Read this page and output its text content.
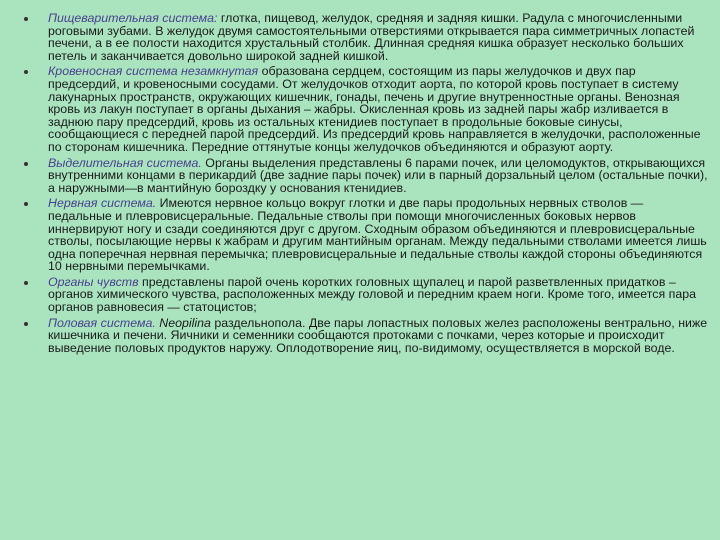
Пищеварительная система: глотка, пищевод, желудок, средняя и задняя кишки. Радула с многочисленными роговыми зубами. В желудок двумя самостоятельными отверстиями открывается пара симметричных лопастей печени, а в ее полости находится хрустальный столбик. Длинная средняя кишка образует несколько больших петель и заканчивается довольно широкой задней кишкой.
Кровеносная система незамкнутая образована сердцем, состоящим из пары желудочков и двух пар предсердий, и кровеносными сосудами. От желудочков отходит аорта, по которой кровь поступает в систему лакунарных пространств, окружающих кишечник, гонады, печень и другие внутренностные органы. Венозная кровь из лакун поступает в органы дыхания – жабры. Окисленная кровь из задней пары жабр изливается в заднюю пару предсердий, кровь из остальных ктенидиев поступает в продольные боковые синусы, сообщающиеся с передней парой предсердий. Из предсердий кровь направляется в желудочки, расположенные по сторонам кишечника. Передние оттянутые концы желудочков объединяются и образуют аорту.
Выделительная система. Органы выделения представлены 6 парами почек, или целомодуктов, открывающихся внутренними концами в перикардий (две задние пары почек) или в парный дорзальный целом (остальные почки), а наружными—в мантийную бороздку у основания ктенидиев.
Нервная система. Имеются нервное кольцо вокруг глотки и две пары продольных нервных стволов — педальные и плевровисцеральные. Педальные стволы при помощи многочисленных боковых нервов иннервируют ногу и сзади соединяются друг с другом. Сходным образом объединяются и плевровисцеральные стволы, посылающие нервы к жабрам и другим мантийным органам. Между педальными стволами имеется лишь одна поперечная нервная перемычка; плевровисцеральные и педальные стволы каждой стороны объединяются 10 нервными перемычками.
Органы чувств представлены парой очень коротких головных щупалец и парой разветвленных придатков – органов химического чувства, расположенных между головой и передним краем ноги. Кроме того, имеется пара органов равновесия — статоцистов;
Половая система. Neopilina раздельнопола. Две пары лопастных половых желез расположены вентрально, ниже кишечника и печени. Яичники и семенники сообщаются протоками с почками, через которые и происходит выведение половых продуктов наружу. Оплодотворение яиц, по-видимому, осуществляется в морской воде.
